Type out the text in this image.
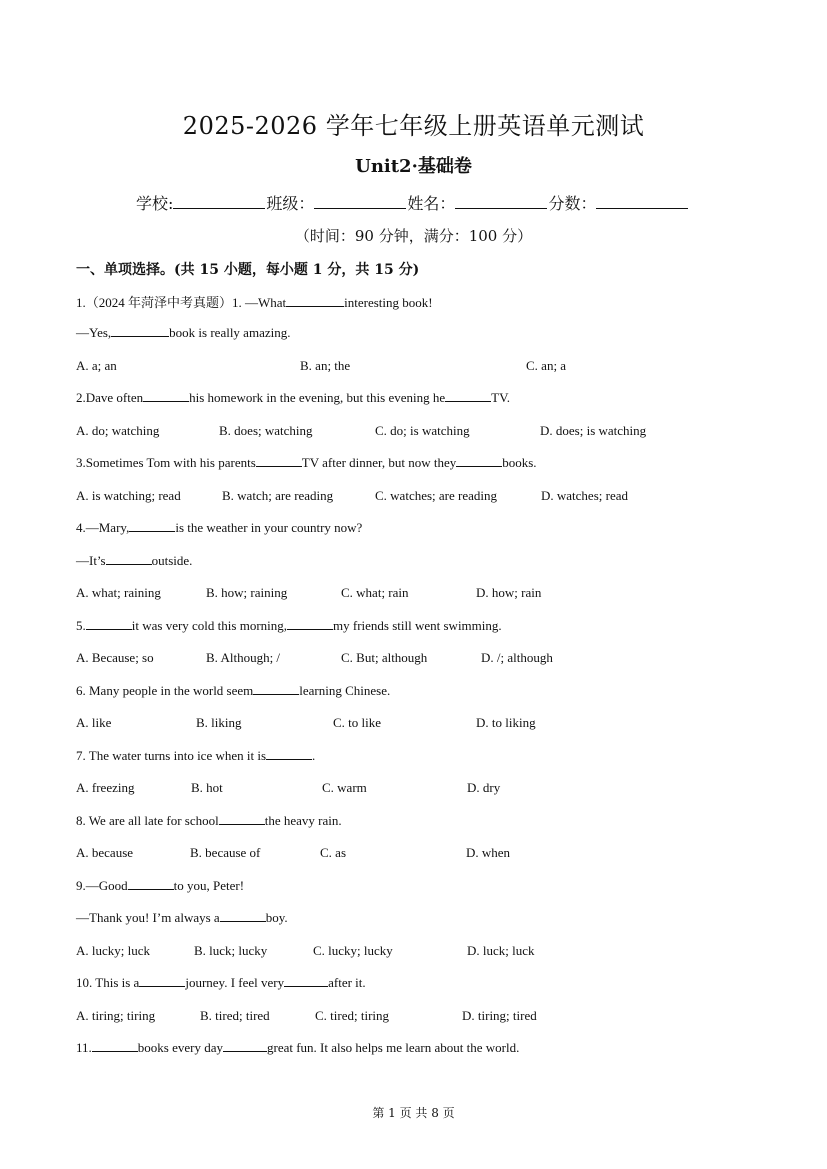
2025-2026 学年七年级上册英语单元测试
Unit2·基础卷
学校:	班级：	姓名：	分数：
（时间：90 分钟，满分：100 分）
一、单项选择。(共 15 小题，每小题 1 分，共 15 分)
1.（2024 年菏泽中考真题）1. —What	interesting book!
—Yes,	book is really amazing.
A. a; an	B. an; the	C. an; a
2.Dave often	his homework in the evening, but this evening he	TV.
A. do; watching	B. does; watching	C. do; is watching	D. does; is watching
3.Sometimes Tom with his parents	TV after dinner, but now they	books.
A. is watching; read	B. watch; are reading	C. watches; are reading	D. watches; read
4.—Mary,	is the weather in your country now?
—It’s	outside.
A. what; raining	B. how; raining	C. what; rain	D. how; rain
5.	it was very cold this morning,	my friends still went swimming.
A. Because; so	B. Although; /	C. But; although	D. /; although
6. Many people in the world seem	learning Chinese.
A. like	B. liking	C. to like	D. to liking
7. The water turns into ice when it is	.
A. freezing	B. hot	C. warm	D. dry
8. We are all late for school	the heavy rain.
A. because	B. because of	C. as	D. when
9.—Good	to you, Peter!
—Thank you! I’m always a	boy.
A. lucky; luck	B. luck; lucky	C. lucky; lucky	D. luck; luck
10. This is a	journey. I feel very	after it.
A. tiring; tiring	B. tired; tired	C. tired; tiring	D. tiring; tired
11.	books every day	great fun. It also helps me learn about the world.
第 1 页 共 8 页
